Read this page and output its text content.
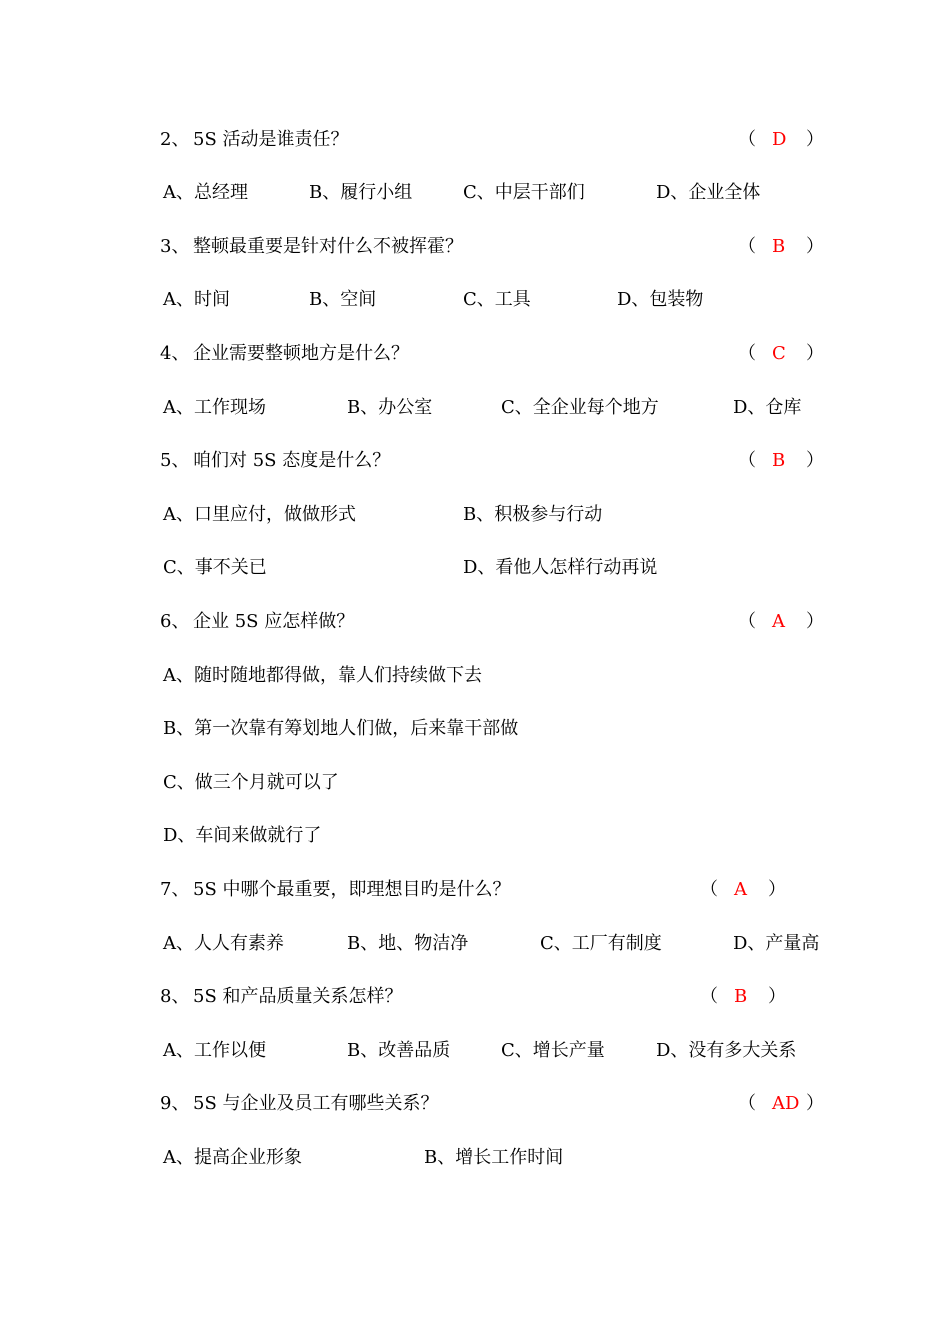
2、 5S 活动是谁责任？	（ D ）
A、总经理	B、履行小组	C、中层干部们	D、企业全体
3、 整顿最重要是针对什么不被挥霍？	（ B ）
A、时间	B、空间	C、工具	D、包装物
4、 企业需要整顿地方是什么？	（ C ）
A、工作现场	B、办公室	C、全企业每个地方	D、仓库
5、 咱们对 5S 态度是什么？	（ B ）
A、口里应付，做做形式	B、积极参与行动
C、事不关已	D、看他人怎样行动再说
6、 企业 5S 应怎样做？	（ A ）
A、随时随地都得做，靠人们持续做下去
B、第一次靠有筹划地人们做，后来靠干部做
C、做三个月就可以了
D、车间来做就行了
7、 5S 中哪个最重要，即理想目旳是什么？	（ A ）
A、人人有素养	B、地、物洁净	C、工厂有制度	D、产量高
8、 5S 和产品质量关系怎样？	（ B ）
A、工作以便	B、改善品质	C、增长产量	D、没有多大关系
9、 5S 与企业及员工有哪些关系？	（ AD ）
A、提高企业形象	B、增长工作时间
